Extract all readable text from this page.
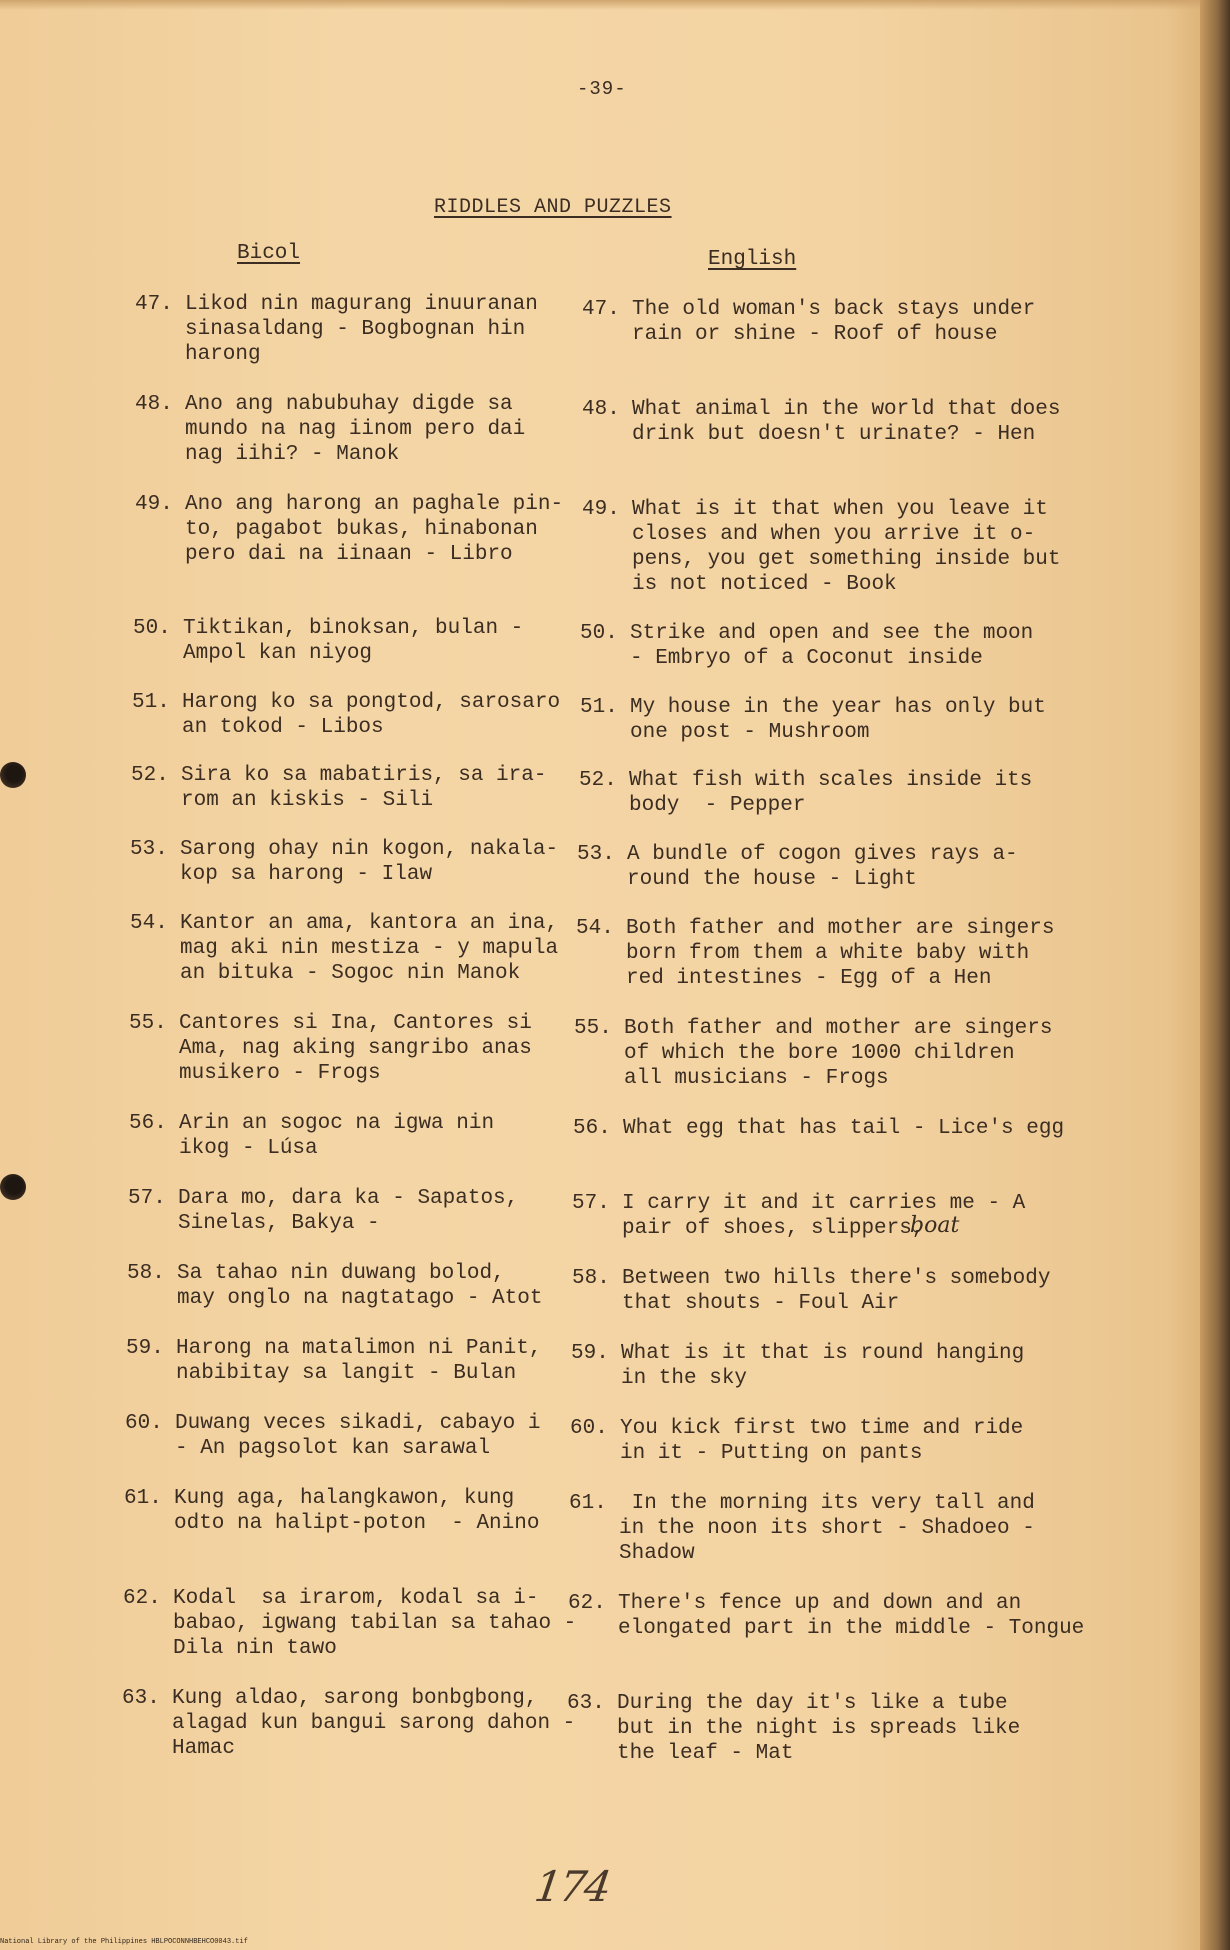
-39-
RIDDLES AND PUZZLES
Bicol	English
47. Likod nin magurang inuuranan
sinasaldang - Bogbognan hin
harong
47. The old woman's back stays under
rain or shine - Roof of house
48. Ano ang nabubuhay digde sa
mundo na nag iinom pero dai
nag iihi? - Manok
48. What animal in the world that does
drink but doesn't urinate? - Hen
49. Ano ang harong an paghale pin-
to, pagabot bukas, hinabonan
pero dai na iinaan - Libro
49. What is it that when you leave it
closes and when you arrive it o-
pens, you get something inside but
is not noticed - Book
50. Tiktikan, binoksan, bulan -
Ampol kan niyog
50. Strike and open and see the moon
- Embryo of a Coconut inside
51. Harong ko sa pongtod, sarosaro
an tokod - Libos
51. My house in the year has only but
one post - Mushroom
52. Sira ko sa mabatiris, sa ira-
rom an kiskis - Sili
52. What fish with scales inside its
body  - Pepper
53. Sarong ohay nin kogon, nakala-
kop sa harong - Ilaw
53. A bundle of cogon gives rays a-
round the house - Light
54. Kantor an ama, kantora an ina,
mag aki nin mestiza - y mapula
an bituka - Sogoc nin Manok
54. Both father and mother are singers
born from them a white baby with
red intestines - Egg of a Hen
55. Cantores si Ina, Cantores si
Ama, nag aking sangribo anas
musikero - Frogs
55. Both father and mother are singers
of which the bore 1000 children
all musicians - Frogs
56. Arin an sogoc na igwa nin
ikog - Lúsa
56. What egg that has tail - Lice's egg
57. Dara mo, dara ka - Sapatos,
Sinelas, Bakya -
57. I carry it and it carries me - A
pair of shoes, slippers,
58. Sa tahao nin duwang bolod,
may onglo na nagtatago - Atot
58. Between two hills there's somebody
that shouts - Foul Air
59. Harong na matalimon ni Panit,
nabibitay sa langit - Bulan
59. What is it that is round hanging
in the sky
60. Duwang veces sikadi, cabayo i
- An pagsolot kan sarawal
60. You kick first two time and ride
in it - Putting on pants
61. Kung aga, halangkawon, kung
odto na halipt-poton  - Anino
61. In the morning its very tall and
in the noon its short - Shadoeo -
Shadow
62. Kodal  sa irarom, kodal sa i-
babao, igwang tabilan sa tahao -
Dila nin tawo
62. There's fence up and down and an
elongated part in the middle - Tongue
63. Kung aldao, sarong bonbgbong,
alagad kun bangui sarong dahon -
Hamac
63. During the day it's like a tube
but in the night is spreads like
the leaf - Mat
boat
174
National Library of the Philippines HBLPOCONNHBEHCO0043.tif
